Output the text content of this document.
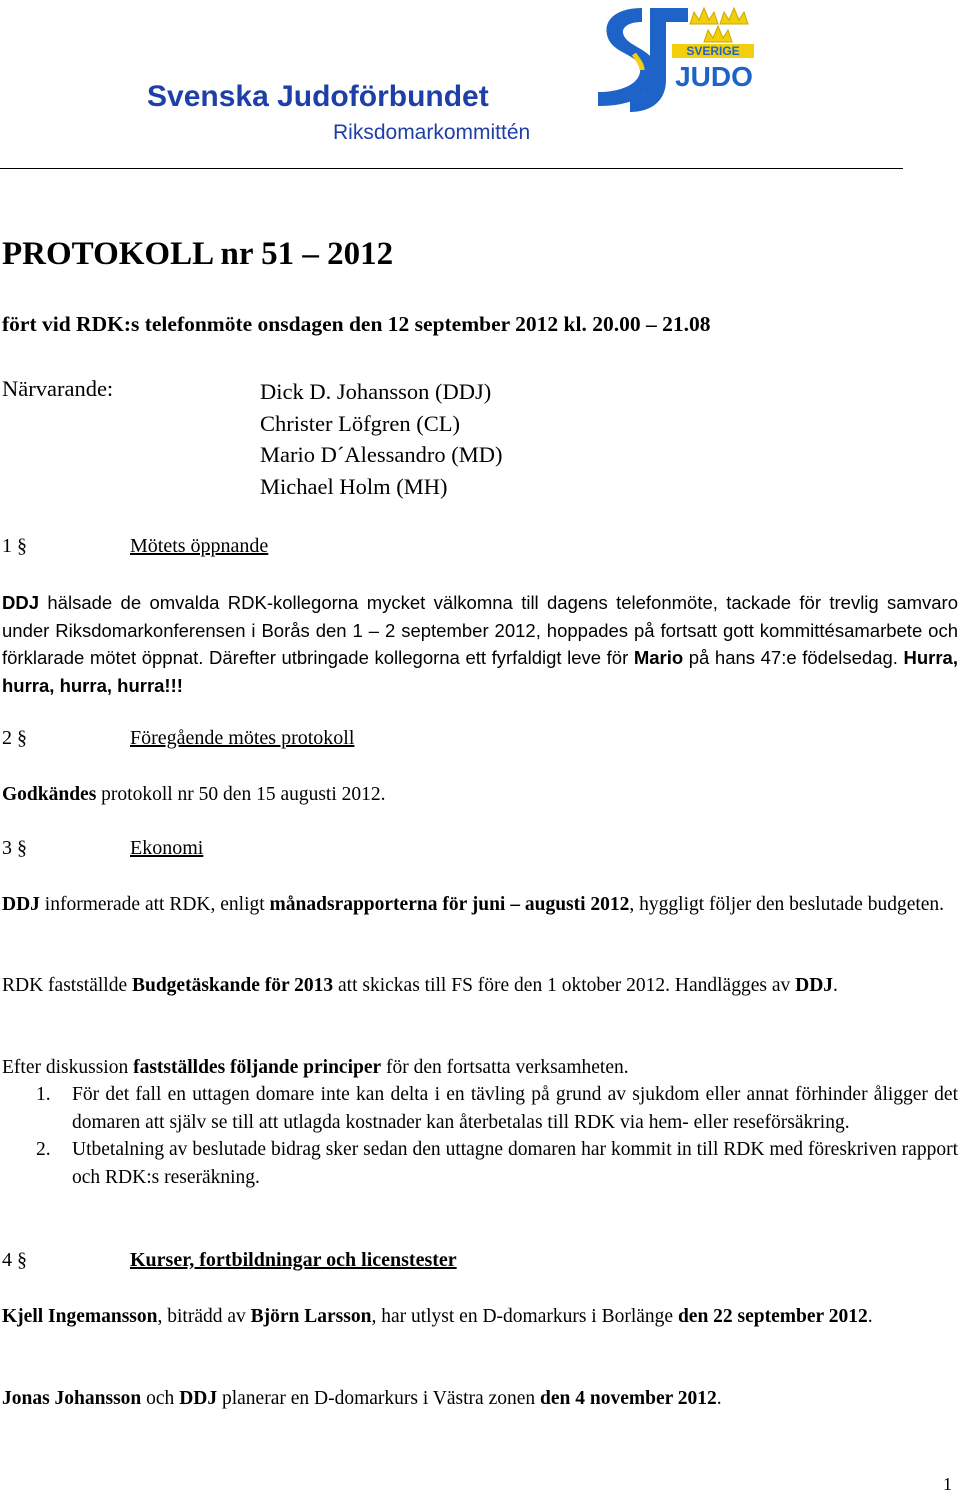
Svenska Judoförbundet
Riksdomarkommittén
SVERIGE
JUDO
PROTOKOLL nr 51 – 2012
fört vid RDK:s telefonmöte onsdagen den 12 september 2012 kl. 20.00 – 21.08
Närvarande:	Dick D. Johansson (DDJ)
Christer Löfgren (CL)
Mario D´Alessandro (MD)
Michael Holm (MH)
1 §	Mötets öppnande
DDJ hälsade de omvalda RDK-kollegorna mycket välkomna till dagens telefonmöte, tackade för trevlig samvaro under Riksdomarkonferensen i Borås den 1 – 2 september 2012, hoppades på fortsatt gott kommittésamarbete och förklarade mötet öppnat. Därefter utbringade kollegorna ett fyrfaldigt leve för Mario på hans 47:e födelsedag. Hurra, hurra, hurra, hurra!!!
2 §	Föregående mötes protokoll
Godkändes protokoll nr 50 den 15 augusti 2012.
3 §	Ekonomi
DDJ informerade att RDK, enligt månadsrapporterna för juni – augusti 2012, hyggligt följer den beslutade budgeten.
RDK fastställde Budgetäskande för 2013 att skickas till FS före den 1 oktober 2012. Handlägges av DDJ.
Efter diskussion fastställdes följande principer för den fortsatta verksamheten.
1. För det fall en uttagen domare inte kan delta i en tävling på grund av sjukdom eller annat förhinder åligger det domaren att själv se till att utlagda kostnader kan återbetalas till RDK via hem- eller reseförsäkring.
2. Utbetalning av beslutade bidrag sker sedan den uttagne domaren har kommit in till RDK med föreskriven rapport och RDK:s reseräkning.
4 §	Kurser, fortbildningar och licenstester
Kjell Ingemansson, biträdd av Björn Larsson, har utlyst en D-domarkurs i Borlänge den 22 september 2012.
Jonas Johansson och DDJ planerar en D-domarkurs i Västra zonen den 4 november 2012.
1
